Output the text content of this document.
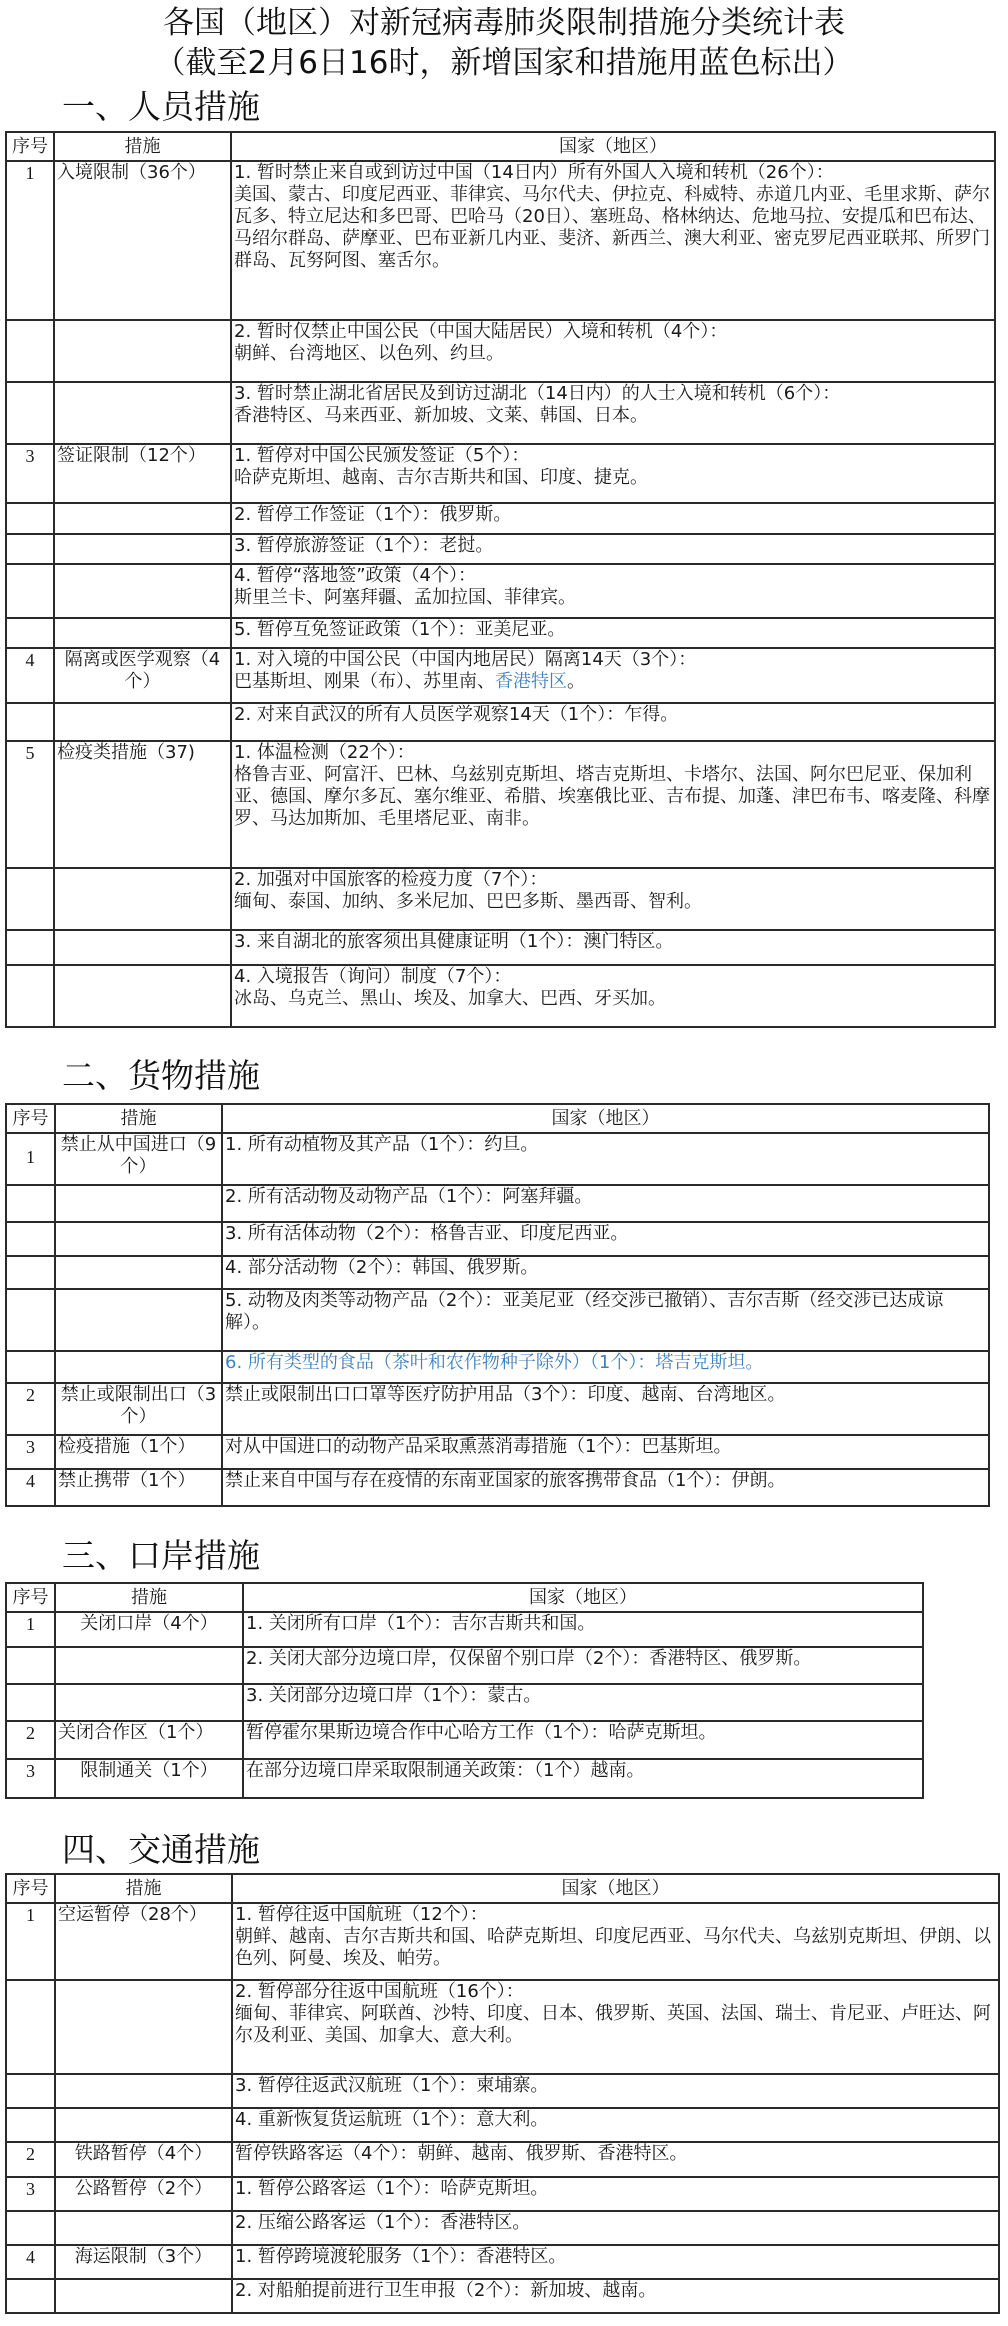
各国（地区）对新冠病毒肺炎限制措施分类统计表
（截至2月6日16时，新增国家和措施用蓝色标出）
一、人员措施
序号	措施	国家（地区）
1	入境限制（36个）	1. 暂时禁止来自或到访过中国（14日内）所有外国人入境和转机（26个）：
美国、蒙古、印度尼西亚、菲律宾、马尔代夫、伊拉克、科威特、赤道几内亚、毛里求斯、萨尔瓦多、特立尼达和多巴哥、巴哈马（20日）、塞班岛、格林纳达、危地马拉、安提瓜和巴布达、马绍尔群岛、萨摩亚、巴布亚新几内亚、斐济、新西兰、澳大利亚、密克罗尼西亚联邦、所罗门群岛、瓦努阿图、塞舌尔。

		2. 暂时仅禁止中国公民（中国大陆居民）入境和转机（4个）：
朝鲜、台湾地区、以色列、约旦。

		3. 暂时禁止湖北省居民及到访过湖北（14日内）的人士入境和转机（6个）：
香港特区、马来西亚、新加坡、文莱、韩国、日本。

3	签证限制（12个）	1. 暂停对中国公民颁发签证（5个）：
哈萨克斯坦、越南、吉尔吉斯共和国、印度、捷克。

		2. 暂停工作签证（1个）：俄罗斯。

		3. 暂停旅游签证（1个）：老挝。

		4. 暂停“落地签”政策（4个）：
斯里兰卡、阿塞拜疆、孟加拉国、菲律宾。

		5. 暂停互免签证政策（1个）：亚美尼亚。

4	隔离或医学观察（4个）	1. 对入境的中国公民（中国内地居民）隔离14天（3个）：
巴基斯坦、刚果（布）、苏里南、香港特区。

		2. 对来自武汉的所有人员医学观察14天（1个）：乍得。

5	检疫类措施（37)	1. 体温检测（22个）：
格鲁吉亚、阿富汗、巴林、乌兹别克斯坦、塔吉克斯坦、卡塔尔、法国、阿尔巴尼亚、保加利亚、德国、摩尔多瓦、塞尔维亚、希腊、埃塞俄比亚、吉布提、加蓬、津巴布韦、喀麦隆、科摩罗、马达加斯加、毛里塔尼亚、南非。

		2. 加强对中国旅客的检疫力度（7个）：
缅甸、泰国、加纳、多米尼加、巴巴多斯、墨西哥、智利。

		3. 来自湖北的旅客须出具健康证明（1个）：澳门特区。

		4. 入境报告（询问）制度（7个）：
冰岛、乌克兰、黑山、埃及、加拿大、巴西、牙买加。
二、货物措施
序号	措施	国家（地区）
1	禁止从中国进口（9个）	1. 所有动植物及其产品（1个）：约旦。

		2. 所有活动物及动物产品（1个）：阿塞拜疆。

		3. 所有活体动物（2个）：格鲁吉亚、印度尼西亚。

		4. 部分活动物（2个）：韩国、俄罗斯。

		5. 动物及肉类等动物产品（2个）：亚美尼亚（经交涉已撤销）、吉尔吉斯（经交涉已达成谅解）。

		6. 所有类型的食品（茶叶和农作物种子除外）（1个）：塔吉克斯坦。

2	禁止或限制出口（3个）	禁止或限制出口口罩等医疗防护用品（3个）：印度、越南、台湾地区。

3	检疫措施（1个）	对从中国进口的动物产品采取熏蒸消毒措施（1个）：巴基斯坦。

4	禁止携带（1个）	禁止来自中国与存在疫情的东南亚国家的旅客携带食品（1个）：伊朗。
三、口岸措施
序号	措施	国家（地区）
1	关闭口岸（4个）	1. 关闭所有口岸（1个）：吉尔吉斯共和国。

		2. 关闭大部分边境口岸，仅保留个别口岸（2个）：香港特区、俄罗斯。

		3. 关闭部分边境口岸（1个）：蒙古。

2	关闭合作区（1个）	暂停霍尔果斯边境合作中心哈方工作（1个）：哈萨克斯坦。

3	限制通关（1个）	在部分边境口岸采取限制通关政策：（1个）越南。
四、交通措施
序号	措施	国家（地区）
1	空运暂停（28个）	1. 暂停往返中国航班（12个）：
朝鲜、越南、吉尔吉斯共和国、哈萨克斯坦、印度尼西亚、马尔代夫、乌兹别克斯坦、伊朗、以色列、阿曼、埃及、帕劳。

		2. 暂停部分往返中国航班（16个）：
缅甸、菲律宾、阿联酋、沙特、印度、日本、俄罗斯、英国、法国、瑞士、肯尼亚、卢旺达、阿尔及利亚、美国、加拿大、意大利。

		3. 暂停往返武汉航班（1个）：柬埔寨。

		4. 重新恢复货运航班（1个）：意大利。

2	铁路暂停（4个）	暂停铁路客运（4个）：朝鲜、越南、俄罗斯、香港特区。

3	公路暂停（2个）	1. 暂停公路客运（1个）：哈萨克斯坦。

		2. 压缩公路客运（1个）：香港特区。

4	海运限制（3个）	1. 暂停跨境渡轮服务（1个）：香港特区。

		2. 对船舶提前进行卫生申报（2个）：新加坡、越南。
